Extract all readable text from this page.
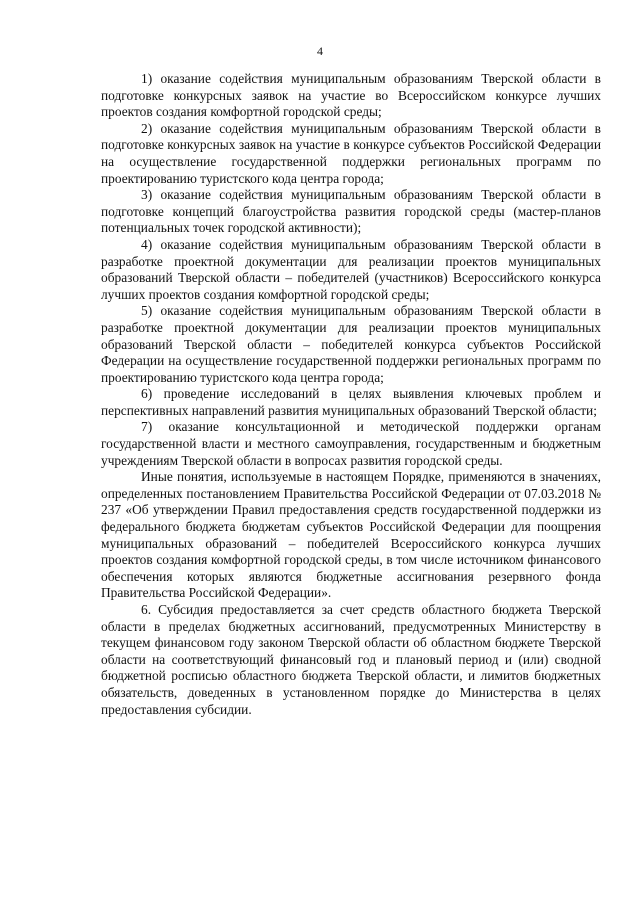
4

1) оказание содействия муниципальным образованиям Тверской области в подготовке конкурсных заявок на участие во Всероссийском конкурсе лучших проектов создания комфортной городской среды;

2) оказание содействия муниципальным образованиям Тверской области в подготовке конкурсных заявок на участие в конкурсе субъектов Российской Федерации на осуществление государственной поддержки региональных программ по проектированию туристского кода центра города;

3) оказание содействия муниципальным образованиям Тверской области в подготовке концепций благоустройства развития городской среды (мастер-планов потенциальных точек городской активности);

4) оказание содействия муниципальным образованиям Тверской области в разработке проектной документации для реализации проектов муниципальных образований Тверской области – победителей (участников) Всероссийского конкурса лучших проектов создания комфортной городской среды;

5) оказание содействия муниципальным образованиям Тверской области в разработке проектной документации для реализации проектов муниципальных образований Тверской области – победителей конкурса субъектов Российской Федерации на осуществление государственной поддержки региональных программ по проектированию туристского кода центра города;

6) проведение исследований в целях выявления ключевых проблем и перспективных направлений развития муниципальных образований Тверской области;

7) оказание консультационной и методической поддержки органам государственной власти и местного самоуправления, государственным и бюджетным учреждениям Тверской области в вопросах развития городской среды.

Иные понятия, используемые в настоящем Порядке, применяются в значениях, определенных постановлением Правительства Российской Федерации от 07.03.2018 № 237 «Об утверждении Правил предоставления средств государственной поддержки из федерального бюджета бюджетам субъектов Российской Федерации для поощрения муниципальных образований – победителей Всероссийского конкурса лучших проектов создания комфортной городской среды, в том числе источником финансового обеспечения которых являются бюджетные ассигнования резервного фонда Правительства Российской Федерации».

6. Субсидия предоставляется за счет средств областного бюджета Тверской области в пределах бюджетных ассигнований, предусмотренных Министерству в текущем финансовом году законом Тверской области об областном бюджете Тверской области на соответствующий финансовый год и плановый период и (или) сводной бюджетной росписью областного бюджета Тверской области, и лимитов бюджетных обязательств, доведенных в установленном порядке до Министерства в целях предоставления субсидии.
